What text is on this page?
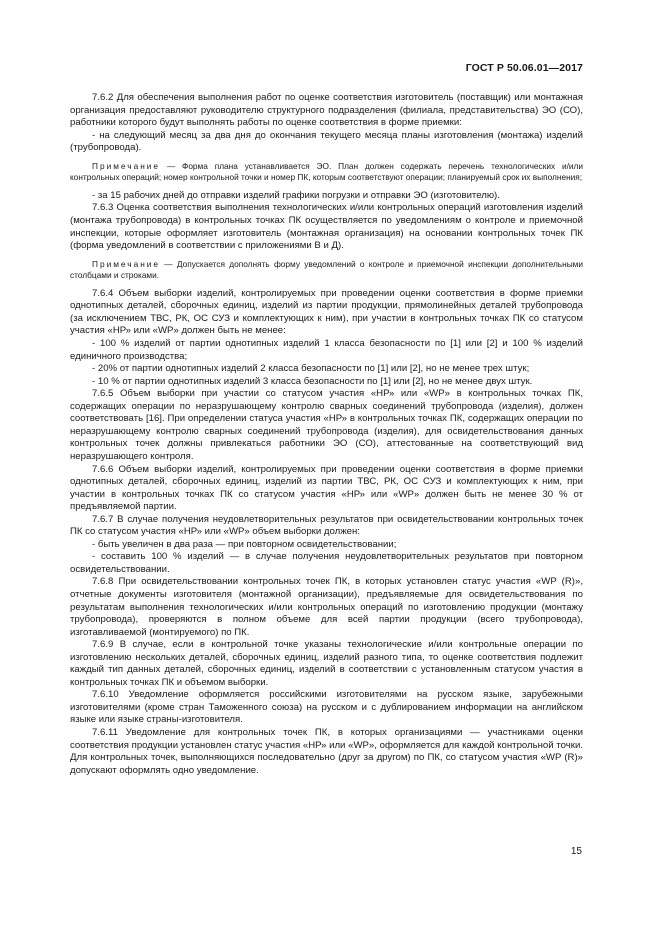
ГОСТ Р 50.06.01—2017

7.6.2 Для обеспечения выполнения работ по оценке соответствия изготовитель (поставщик) или монтажная организация предоставляют руководителю структурного подразделения (филиала, представительства) ЭО (СО), работники которого будут выполнять работы по оценке соответствия в форме приемки:

- на следующий месяц за два дня до окончания текущего месяца планы изготовления (монтажа) изделий (трубопровода).

Примечание — Форма плана устанавливается ЭО. План должен содержать перечень технологических и/или контрольных операций; номер контрольной точки и номер ПК, которым соответствуют операции; планируемый срок их выполнения;

- за 15 рабочих дней до отправки изделий графики погрузки и отправки ЭО (изготовителю).

7.6.3 Оценка соответствия выполнения технологических и/или контрольных операций изготовления изделий (монтажа трубопровода) в контрольных точках ПК осуществляется по уведомлениям о контроле и приемочной инспекции, которые оформляет изготовитель (монтажная организация) на основании контрольных точек ПК (форма уведомлений в соответствии с приложениями В и Д).

Примечание — Допускается дополнять форму уведомлений о контроле и приемочной инспекции дополнительными столбцами и строками.

7.6.4 Объем выборки изделий, контролируемых при проведении оценки соответствия в форме приемки однотипных деталей, сборочных единиц, изделий из партии продукции, прямолинейных деталей трубопровода (за исключением ТВС, РК, ОС СУЗ и комплектующих к ним), при участии в контрольных точках ПК со статусом участия «НР» или «WP» должен быть не менее:

- 100 % изделий от партии однотипных изделий 1 класса безопасности по [1] или [2] и 100 % изделий единичного производства;

- 20% от партии однотипных изделий 2 класса безопасности по [1] или [2], но не менее трех штук;

- 10 % от партии однотипных изделий 3 класса безопасности по [1] или [2], но не менее двух штук.

7.6.5 Объем выборки при участии со статусом участия «НР» или «WP» в контрольных точках ПК, содержащих операции по неразрушающему контролю сварных соединений трубопровода (изделия), должен соответствовать [16]. При определении статуса участия «НР» в контрольных точках ПК, содержащих операции по неразрушающему контролю сварных соединений трубопровода (изделия), для освидетельствования данных контрольных точек должны привлекаться работники ЭО (СО), аттестованные на соответствующий вид неразрушающего контроля.

7.6.6 Объем выборки изделий, контролируемых при проведении оценки соответствия в форме приемки однотипных деталей, сборочных единиц, изделий из партии ТВС, РК, ОС СУЗ и комплектующих к ним, при участии в контрольных точках ПК со статусом участия «НР» или «WP» должен быть не менее 30 % от предъявляемой партии.

7.6.7 В случае получения неудовлетворительных результатов при освидетельствовании контрольных точек ПК со статусом участия «НР» или «WP» объем выборки должен:

- быть увеличен в два раза — при повторном освидетельствовании;

- составить 100 % изделий — в случае получения неудовлетворительных результатов при повторном освидетельствовании.

7.6.8 При освидетельствовании контрольных точек ПК, в которых установлен статус участия «WP (R)», отчетные документы изготовителя (монтажной организации), предъявляемые для освидетельствования по результатам выполнения технологических и/или контрольных операций по изготовлению продукции (монтажу трубопровода), проверяются в полном объеме для всей партии продукции (всего трубопровода), изготавливаемой (монтируемого) по ПК.

7.6.9 В случае, если в контрольной точке указаны технологические и/или контрольные операции по изготовлению нескольких деталей, сборочных единиц, изделий разного типа, то оценке соответствия подлежит каждый тип данных деталей, сборочных единиц, изделий в соответствии с установленным статусом участия в контрольных точках ПК и объемом выборки.

7.6.10 Уведомление оформляется российскими изготовителями на русском языке, зарубежными изготовителями (кроме стран Таможенного союза) на русском и с дублированием информации на английском языке или языке страны-изготовителя.

7.6.11 Уведомление для контрольных точек ПК, в которых организациями — участниками оценки соответствия продукции установлен статус участия «НР» или «WP», оформляется для каждой контрольной точки. Для контрольных точек, выполняющихся последовательно (друг за другом) по ПК, со статусом участия «WP (R)» допускают оформлять одно уведомление.

15
